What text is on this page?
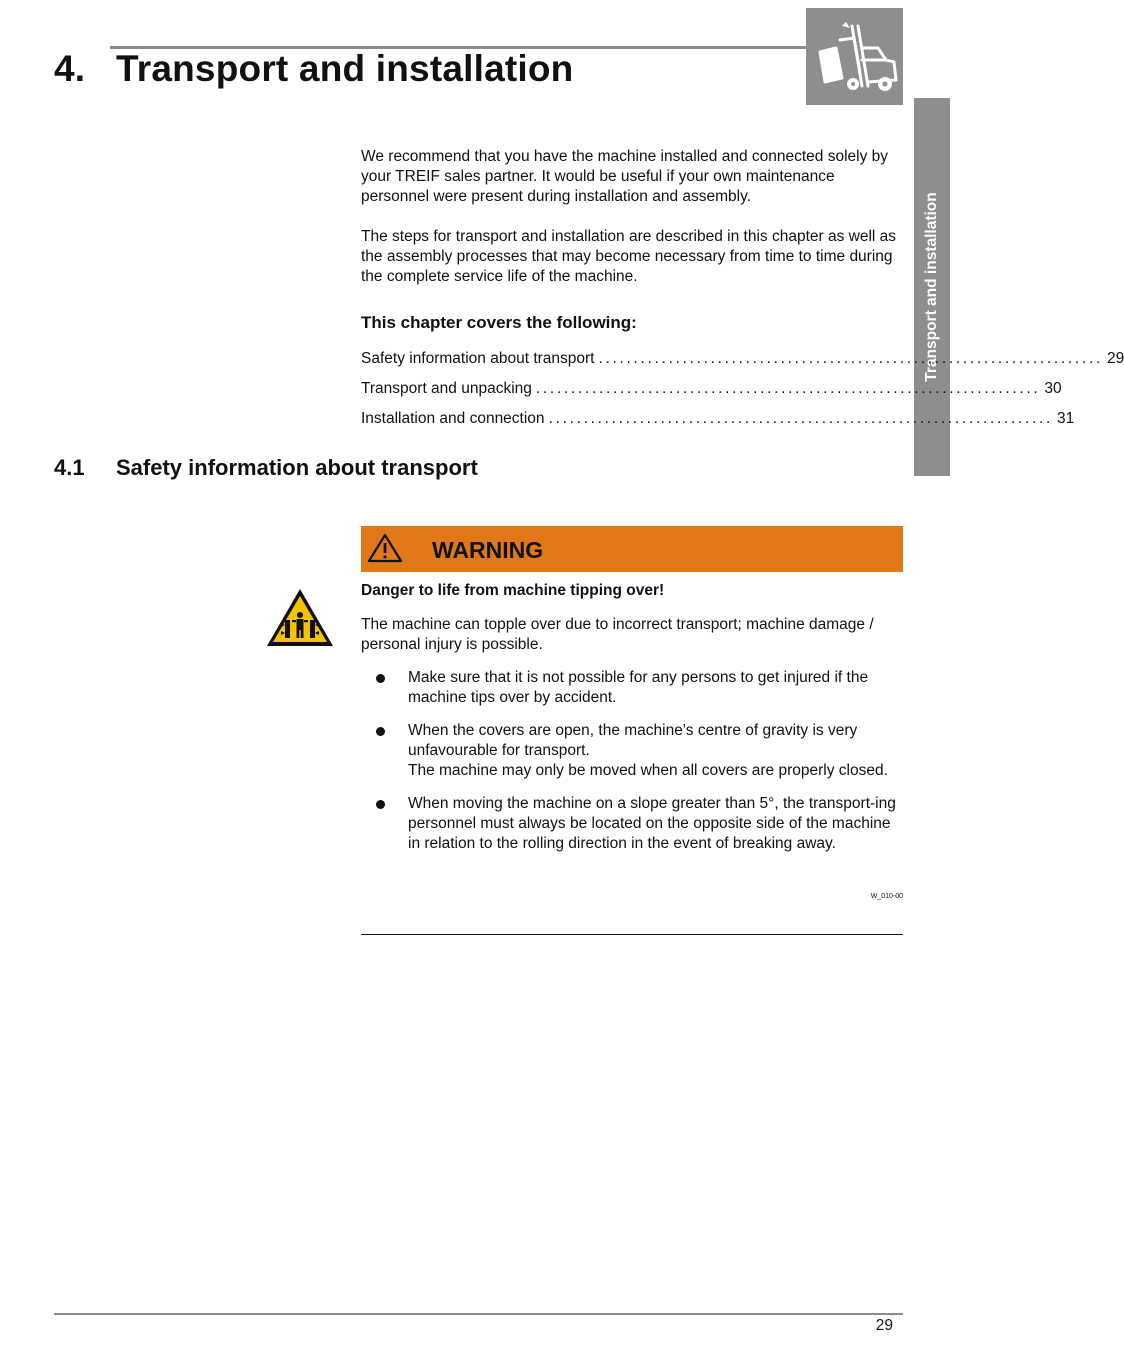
4. Transport and installation
Transport and installation

We recommend that you have the machine installed and connected solely by your TREIF sales partner. It would be useful if your own maintenance personnel were present during installation and assembly.

The steps for transport and installation are described in this chapter as well as the assembly processes that may become necessary from time to time during the complete service life of the machine.

This chapter covers the following:
Safety information about transport ........................................................................ 29
Transport and unpacking ........................................................................ 30
Installation and connection ........................................................................ 31
4.1 Safety information about transport
WARNING
Danger to life from machine tipping over!

The machine can topple over due to incorrect transport; machine damage / personal injury is possible.

Make sure that it is not possible for any persons to get injured if the machine tips over by accident.
When the covers are open, the machine's centre of gravity is very unfavourable for transport.
The machine may only be moved when all covers are properly closed.
When moving the machine on a slope greater than 5°, the transport-ing personnel must always be located on the opposite side of the machine in relation to the rolling direction in the event of breaking away.
W_010-00
29
